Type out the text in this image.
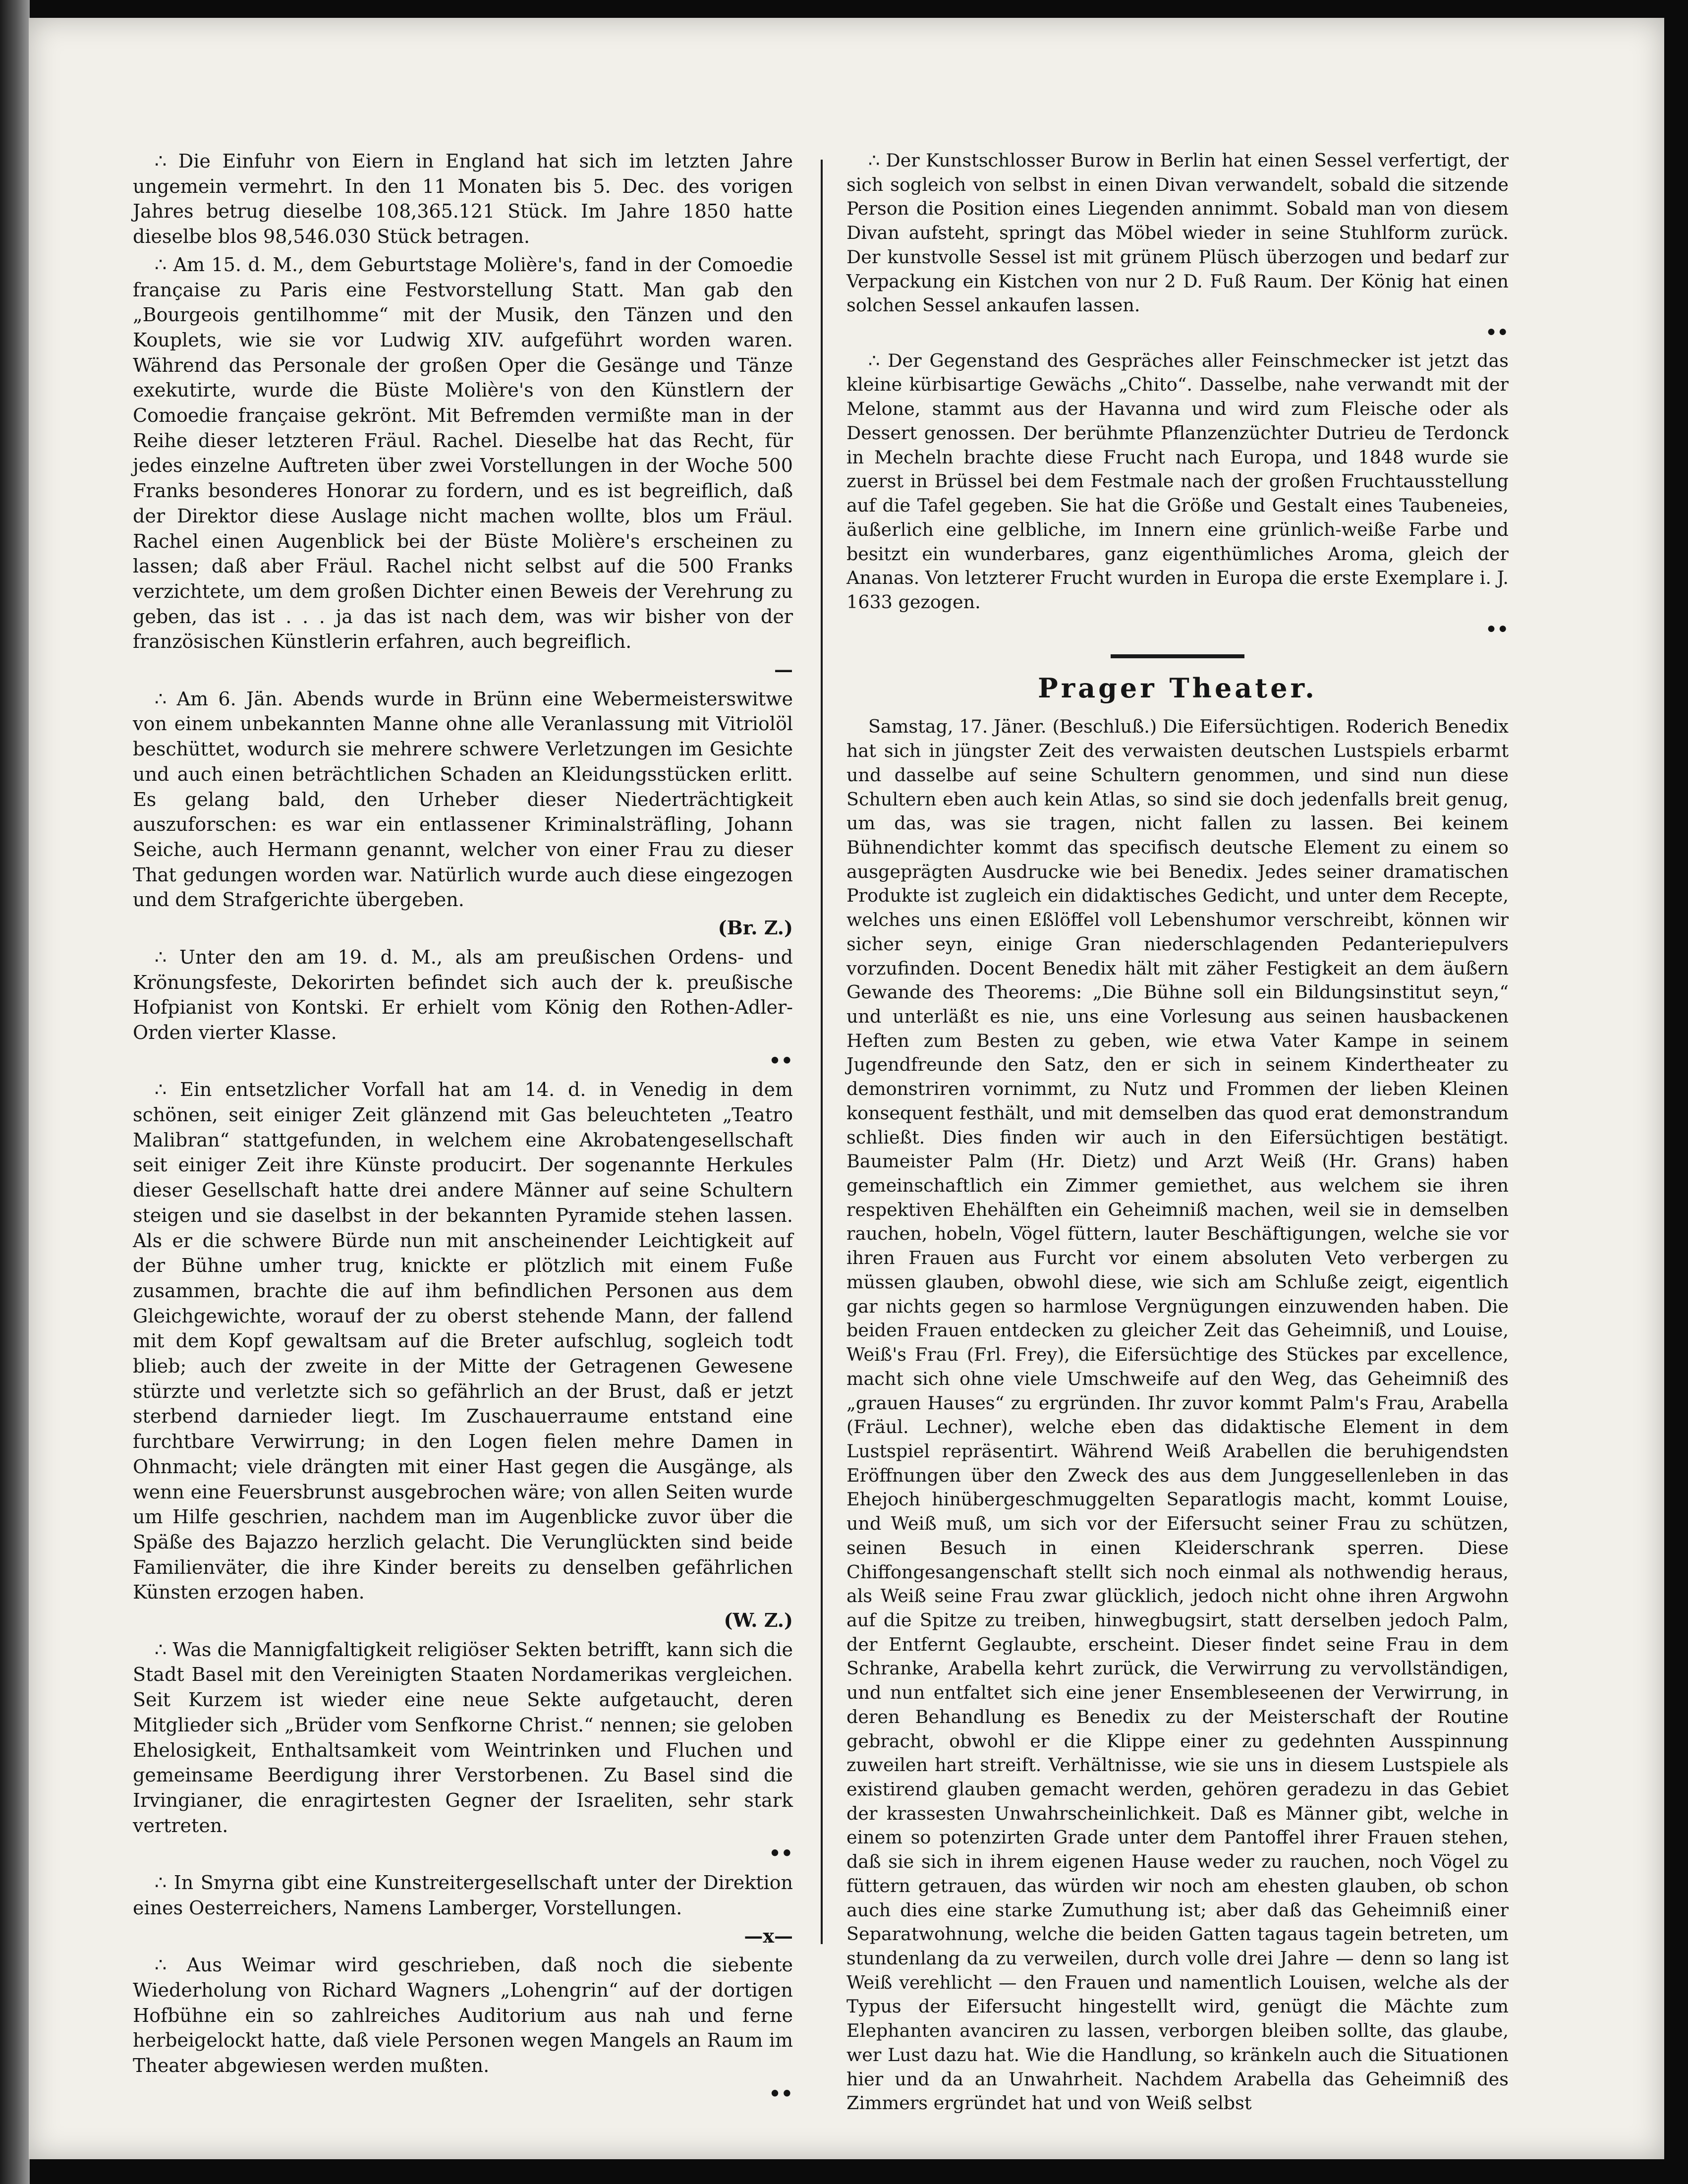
∴ Die Einfuhr von Eiern in England hat sich im letzten Jahre ungemein vermehrt. In den 11 Monaten bis 5. Dec. des vorigen Jahres betrug dieselbe 108,365.121 Stück. Im Jahre 1850 hatte dieselbe blos 98,546.030 Stück betragen.

∴ Am 15. d. M., dem Geburtstage Molière's, fand in der Comoedie française zu Paris eine Festvorstellung Statt. Man gab den „Bourgeois gentilhomme“ mit der Musik, den Tänzen und den Kouplets, wie sie vor Ludwig XIV. aufgeführt worden waren. Während das Personale der großen Oper die Gesänge und Tänze exekutirte, wurde die Büste Molière's von den Künstlern der Comoedie française gekrönt. Mit Befremden vermißte man in der Reihe dieser letzteren Fräul. Rachel. Dieselbe hat das Recht, für jedes einzelne Auftreten über zwei Vorstellungen in der Woche 500 Franks besonderes Honorar zu fordern, und es ist begreiflich, daß der Direktor diese Auslage nicht machen wollte, blos um Fräul. Rachel einen Augenblick bei der Büste Molière's erscheinen zu lassen; daß aber Fräul. Rachel nicht selbst auf die 500 Franks verzichtete, um dem großen Dichter einen Beweis der Verehrung zu geben, das ist . . . ja das ist nach dem, was wir bisher von der französischen Künstlerin erfahren, auch begreiflich.

—

∴ Am 6. Jän. Abends wurde in Brünn eine Webermeisterswitwe von einem unbekannten Manne ohne alle Veranlassung mit Vitriolöl beschüttet, wodurch sie mehrere schwere Verletzungen im Gesichte und auch einen beträchtlichen Schaden an Kleidungsstücken erlitt. Es gelang bald, den Urheber dieser Niederträchtigkeit auszuforschen: es war ein entlassener Kriminalsträfling, Johann Seiche, auch Hermann genannt, welcher von einer Frau zu dieser That gedungen worden war. Natürlich wurde auch diese eingezogen und dem Strafgerichte übergeben.

(Br. Z.)

∴ Unter den am 19. d. M., als am preußischen Ordens- und Krönungsfeste, Dekorirten befindet sich auch der k. preußische Hofpianist von Kontski. Er erhielt vom König den Rothen-Adler-Orden vierter Klasse.

••

∴ Ein entsetzlicher Vorfall hat am 14. d. in Venedig in dem schönen, seit einiger Zeit glänzend mit Gas beleuchteten „Teatro Malibran“ stattgefunden, in welchem eine Akrobatengesellschaft seit einiger Zeit ihre Künste producirt. Der sogenannte Herkules dieser Gesellschaft hatte drei andere Männer auf seine Schultern steigen und sie daselbst in der bekannten Pyramide stehen lassen. Als er die schwere Bürde nun mit anscheinender Leichtigkeit auf der Bühne umher trug, knickte er plötzlich mit einem Fuße zusammen, brachte die auf ihm befindlichen Personen aus dem Gleichgewichte, worauf der zu oberst stehende Mann, der fallend mit dem Kopf gewaltsam auf die Breter aufschlug, sogleich todt blieb; auch der zweite in der Mitte der Getragenen Gewesene stürzte und verletzte sich so gefährlich an der Brust, daß er jetzt sterbend darnieder liegt. Im Zuschauerraume entstand eine furchtbare Verwirrung; in den Logen fielen mehre Damen in Ohnmacht; viele drängten mit einer Hast gegen die Ausgänge, als wenn eine Feuersbrunst ausgebrochen wäre; von allen Seiten wurde um Hilfe geschrien, nachdem man im Augenblicke zuvor über die Späße des Bajazzo herzlich gelacht. Die Verunglückten sind beide Familienväter, die ihre Kinder bereits zu denselben gefährlichen Künsten erzogen haben.

(W. Z.)

∴ Was die Mannigfaltigkeit religiöser Sekten betrifft, kann sich die Stadt Basel mit den Vereinigten Staaten Nordamerikas vergleichen. Seit Kurzem ist wieder eine neue Sekte aufgetaucht, deren Mitglieder sich „Brüder vom Senfkorne Christ.“ nennen; sie geloben Ehelosigkeit, Enthaltsamkeit vom Weintrinken und Fluchen und gemeinsame Beerdigung ihrer Verstorbenen. Zu Basel sind die Irvingianer, die enragirtesten Gegner der Israeliten, sehr stark vertreten.

••

∴ In Smyrna gibt eine Kunstreitergesellschaft unter der Direktion eines Oesterreichers, Namens Lamberger, Vorstellungen.

—x—

∴ Aus Weimar wird geschrieben, daß noch die siebente Wiederholung von Richard Wagners „Lohengrin“ auf der dortigen Hofbühne ein so zahlreiches Auditorium aus nah und ferne herbeigelockt hatte, daß viele Personen wegen Mangels an Raum im Theater abgewiesen werden mußten.

••

∴ Der Kunstschlosser Burow in Berlin hat einen Sessel verfertigt, der sich sogleich von selbst in einen Divan verwandelt, sobald die sitzende Person die Position eines Liegenden annimmt. Sobald man von diesem Divan aufsteht, springt das Möbel wieder in seine Stuhlform zurück. Der kunstvolle Sessel ist mit grünem Plüsch überzogen und bedarf zur Verpackung ein Kistchen von nur 2 D. Fuß Raum. Der König hat einen solchen Sessel ankaufen lassen.

••

∴ Der Gegenstand des Gespräches aller Feinschmecker ist jetzt das kleine kürbisartige Gewächs „Chito“. Dasselbe, nahe verwandt mit der Melone, stammt aus der Havanna und wird zum Fleische oder als Dessert genossen. Der berühmte Pflanzenzüchter Dutrieu de Terdonck in Mecheln brachte diese Frucht nach Europa, und 1848 wurde sie zuerst in Brüssel bei dem Festmale nach der großen Fruchtausstellung auf die Tafel gegeben. Sie hat die Größe und Gestalt eines Taubeneies, äußerlich eine gelbliche, im Innern eine grünlich-weiße Farbe und besitzt ein wunderbares, ganz eigenthümliches Aroma, gleich der Ananas. Von letzterer Frucht wurden in Europa die erste Exemplare i. J. 1633 gezogen.

••
Prager Theater.

Samstag, 17. Jäner. (Beschluß.) Die Eifersüchtigen. Roderich Benedix hat sich in jüngster Zeit des verwaisten deutschen Lustspiels erbarmt und dasselbe auf seine Schultern genommen, und sind nun diese Schultern eben auch kein Atlas, so sind sie doch jedenfalls breit genug, um das, was sie tragen, nicht fallen zu lassen. Bei keinem Bühnendichter kommt das specifisch deutsche Element zu einem so ausgeprägten Ausdrucke wie bei Benedix. Jedes seiner dramatischen Produkte ist zugleich ein didaktisches Gedicht, und unter dem Recepte, welches uns einen Eßlöffel voll Lebenshumor verschreibt, können wir sicher seyn, einige Gran niederschlagenden Pedanteriepulvers vorzufinden. Docent Benedix hält mit zäher Festigkeit an dem äußern Gewande des Theorems: „Die Bühne soll ein Bildungsinstitut seyn,“ und unterläßt es nie, uns eine Vorlesung aus seinen hausbackenen Heften zum Besten zu geben, wie etwa Vater Kampe in seinem Jugendfreunde den Satz, den er sich in seinem Kindertheater zu demonstriren vornimmt, zu Nutz und Frommen der lieben Kleinen konsequent festhält, und mit demselben das quod erat demonstrandum schließt. Dies finden wir auch in den Eifersüchtigen bestätigt. Baumeister Palm (Hr. Dietz) und Arzt Weiß (Hr. Grans) haben gemeinschaftlich ein Zimmer gemiethet, aus welchem sie ihren respektiven Ehehälften ein Geheimniß machen, weil sie in demselben rauchen, hobeln, Vögel füttern, lauter Beschäftigungen, welche sie vor ihren Frauen aus Furcht vor einem absoluten Veto verbergen zu müssen glauben, obwohl diese, wie sich am Schluße zeigt, eigentlich gar nichts gegen so harmlose Vergnügungen einzuwenden haben. Die beiden Frauen entdecken zu gleicher Zeit das Geheimniß, und Louise, Weiß's Frau (Frl. Frey), die Eifersüchtige des Stückes par excellence, macht sich ohne viele Umschweife auf den Weg, das Geheimniß des „grauen Hauses“ zu ergründen. Ihr zuvor kommt Palm's Frau, Arabella (Fräul. Lechner), welche eben das didaktische Element in dem Lustspiel repräsentirt. Während Weiß Arabellen die beruhigendsten Eröffnungen über den Zweck des aus dem Junggesellenleben in das Ehejoch hinübergeschmuggelten Separatlogis macht, kommt Louise, und Weiß muß, um sich vor der Eifersucht seiner Frau zu schützen, seinen Besuch in einen Kleiderschrank sperren. Diese Chiffongesangenschaft stellt sich noch einmal als nothwendig heraus, als Weiß seine Frau zwar glücklich, jedoch nicht ohne ihren Argwohn auf die Spitze zu treiben, hinwegbugsirt, statt derselben jedoch Palm, der Entfernt Geglaubte, erscheint. Dieser findet seine Frau in dem Schranke, Arabella kehrt zurück, die Verwirrung zu vervollständigen, und nun entfaltet sich eine jener Ensembleseenen der Verwirrung, in deren Behandlung es Benedix zu der Meisterschaft der Routine gebracht, obwohl er die Klippe einer zu gedehnten Ausspinnung zuweilen hart streift. Verhältnisse, wie sie uns in diesem Lustspiele als existirend glauben gemacht werden, gehören geradezu in das Gebiet der krassesten Unwahrscheinlichkeit. Daß es Männer gibt, welche in einem so potenzirten Grade unter dem Pantoffel ihrer Frauen stehen, daß sie sich in ihrem eigenen Hause weder zu rauchen, noch Vögel zu füttern getrauen, das würden wir noch am ehesten glauben, ob schon auch dies eine starke Zumuthung ist; aber daß das Geheimniß einer Separatwohnung, welche die beiden Gatten tagaus tagein betreten, um stundenlang da zu verweilen, durch volle drei Jahre — denn so lang ist Weiß verehlicht — den Frauen und namentlich Louisen, welche als der Typus der Eifersucht hingestellt wird, genügt die Mächte zum Elephanten avanciren zu lassen, verborgen bleiben sollte, das glaube, wer Lust dazu hat. Wie die Handlung, so kränkeln auch die Situationen hier und da an Unwahrheit. Nachdem Arabella das Geheimniß des Zimmers ergründet hat und von Weiß selbst
